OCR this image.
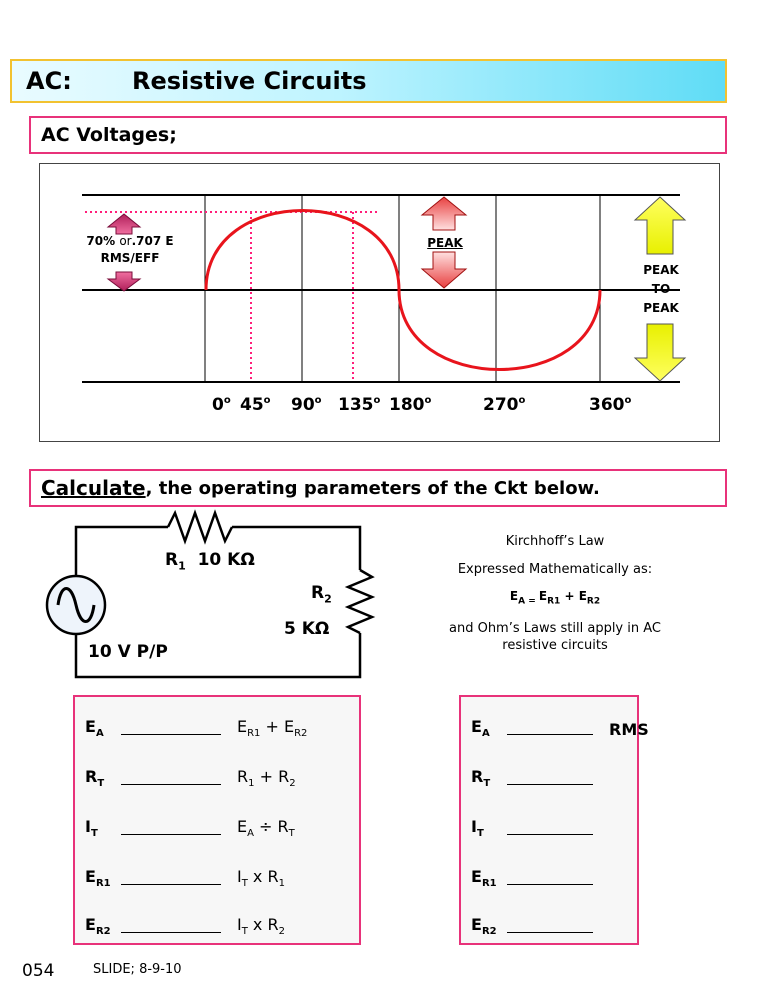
AC:	Resistive Circuits
AC Voltages;
70% or.707 E
RMS/EFF
PEAK
PEAK
TO
PEAK
0$^o$ 45$^o$ 90$^o$ 135$^o$ 180$^o$	270$^o$	360$^o$
Calculate , the operating parameters of the Ckt below.
$R_1$ 10 KΩ
$R_2$
5 KΩ
10 V P/P
Kirchhoff’s Law
Expressed Mathematically as:
$E_{A =}$ $E_{R1} + E_{R2}$
and Ohm’s Laws still apply in AC
resistive circuits
$E_A$	$E_{R1} + E_{R2}$
$R_T$	$R_1 + R_2$
$I_T$	$E_A \div R_T$
$E_{R1}$	$I_T$ x $R_1$
$E_{R2}$	$I_T$ x $R_2$
$E_A$	RMS
$R_T$
$I_T$
$E_{R1}$
$E_{R2}$
054	SLIDE; 8-9-10
